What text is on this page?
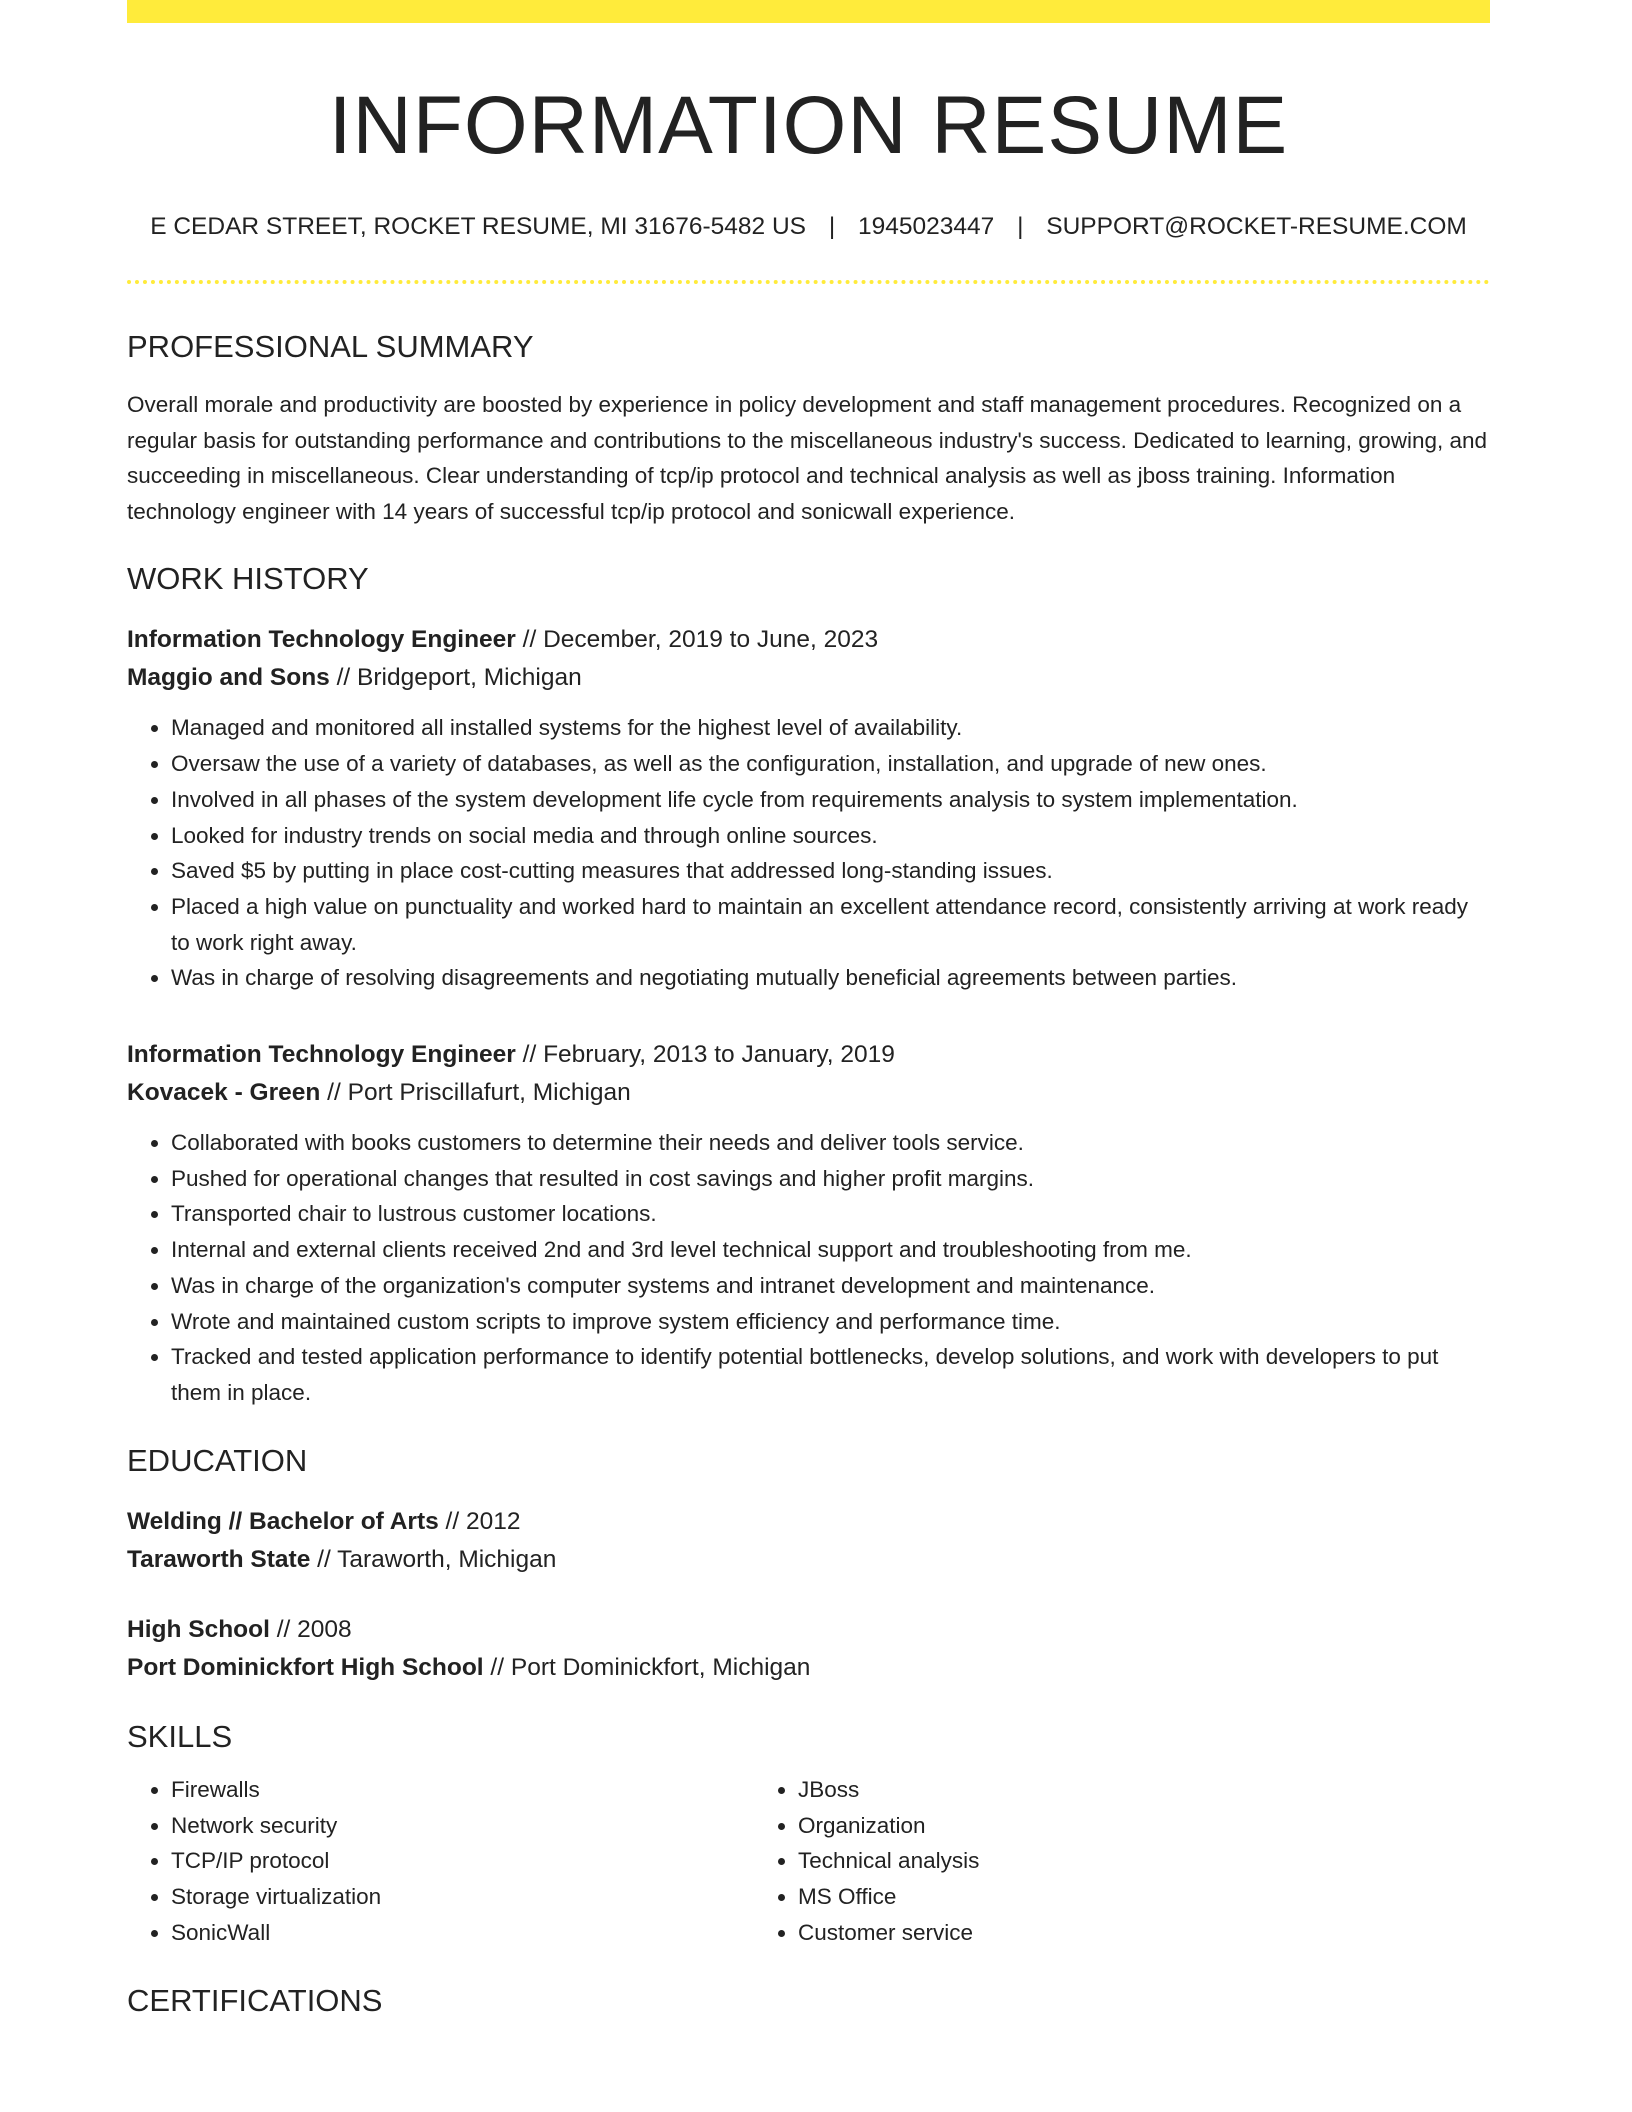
INFORMATION RESUME
E CEDAR STREET, ROCKET RESUME, MI 31676-5482 US | 1945023447 | SUPPORT@ROCKET-RESUME.COM
PROFESSIONAL SUMMARY

Overall morale and productivity are boosted by experience in policy development and staff management procedures. Recognized on a regular basis for outstanding performance and contributions to the miscellaneous industry's success. Dedicated to learning, growing, and succeeding in miscellaneous. Clear understanding of tcp/ip protocol and technical analysis as well as jboss training. Information technology engineer with 14 years of successful tcp/ip protocol and sonicwall experience.

WORK HISTORY
Information Technology Engineer // December, 2019 to June, 2023
Maggio and Sons // Bridgeport, Michigan
• Managed and monitored all installed systems for the highest level of availability.
• Oversaw the use of a variety of databases, as well as the configuration, installation, and upgrade of new ones.
• Involved in all phases of the system development life cycle from requirements analysis to system implementation.
• Looked for industry trends on social media and through online sources.
• Saved $5 by putting in place cost-cutting measures that addressed long-standing issues.
• Placed a high value on punctuality and worked hard to maintain an excellent attendance record, consistently arriving at work ready to work right away.
• Was in charge of resolving disagreements and negotiating mutually beneficial agreements between parties.
Information Technology Engineer // February, 2013 to January, 2019
Kovacek - Green // Port Priscillafurt, Michigan
• Collaborated with books customers to determine their needs and deliver tools service.
• Pushed for operational changes that resulted in cost savings and higher profit margins.
• Transported chair to lustrous customer locations.
• Internal and external clients received 2nd and 3rd level technical support and troubleshooting from me.
• Was in charge of the organization's computer systems and intranet development and maintenance.
• Wrote and maintained custom scripts to improve system efficiency and performance time.
• Tracked and tested application performance to identify potential bottlenecks, develop solutions, and work with developers to put them in place.
EDUCATION
Welding // Bachelor of Arts // 2012
Taraworth State // Taraworth, Michigan
High School // 2008
Port Dominickfort High School // Port Dominickfort, Michigan
SKILLS
• Firewalls
• Network security
• TCP/IP protocol
• Storage virtualization
• SonicWall
• JBoss
• Organization
• Technical analysis
• MS Office
• Customer service
CERTIFICATIONS
